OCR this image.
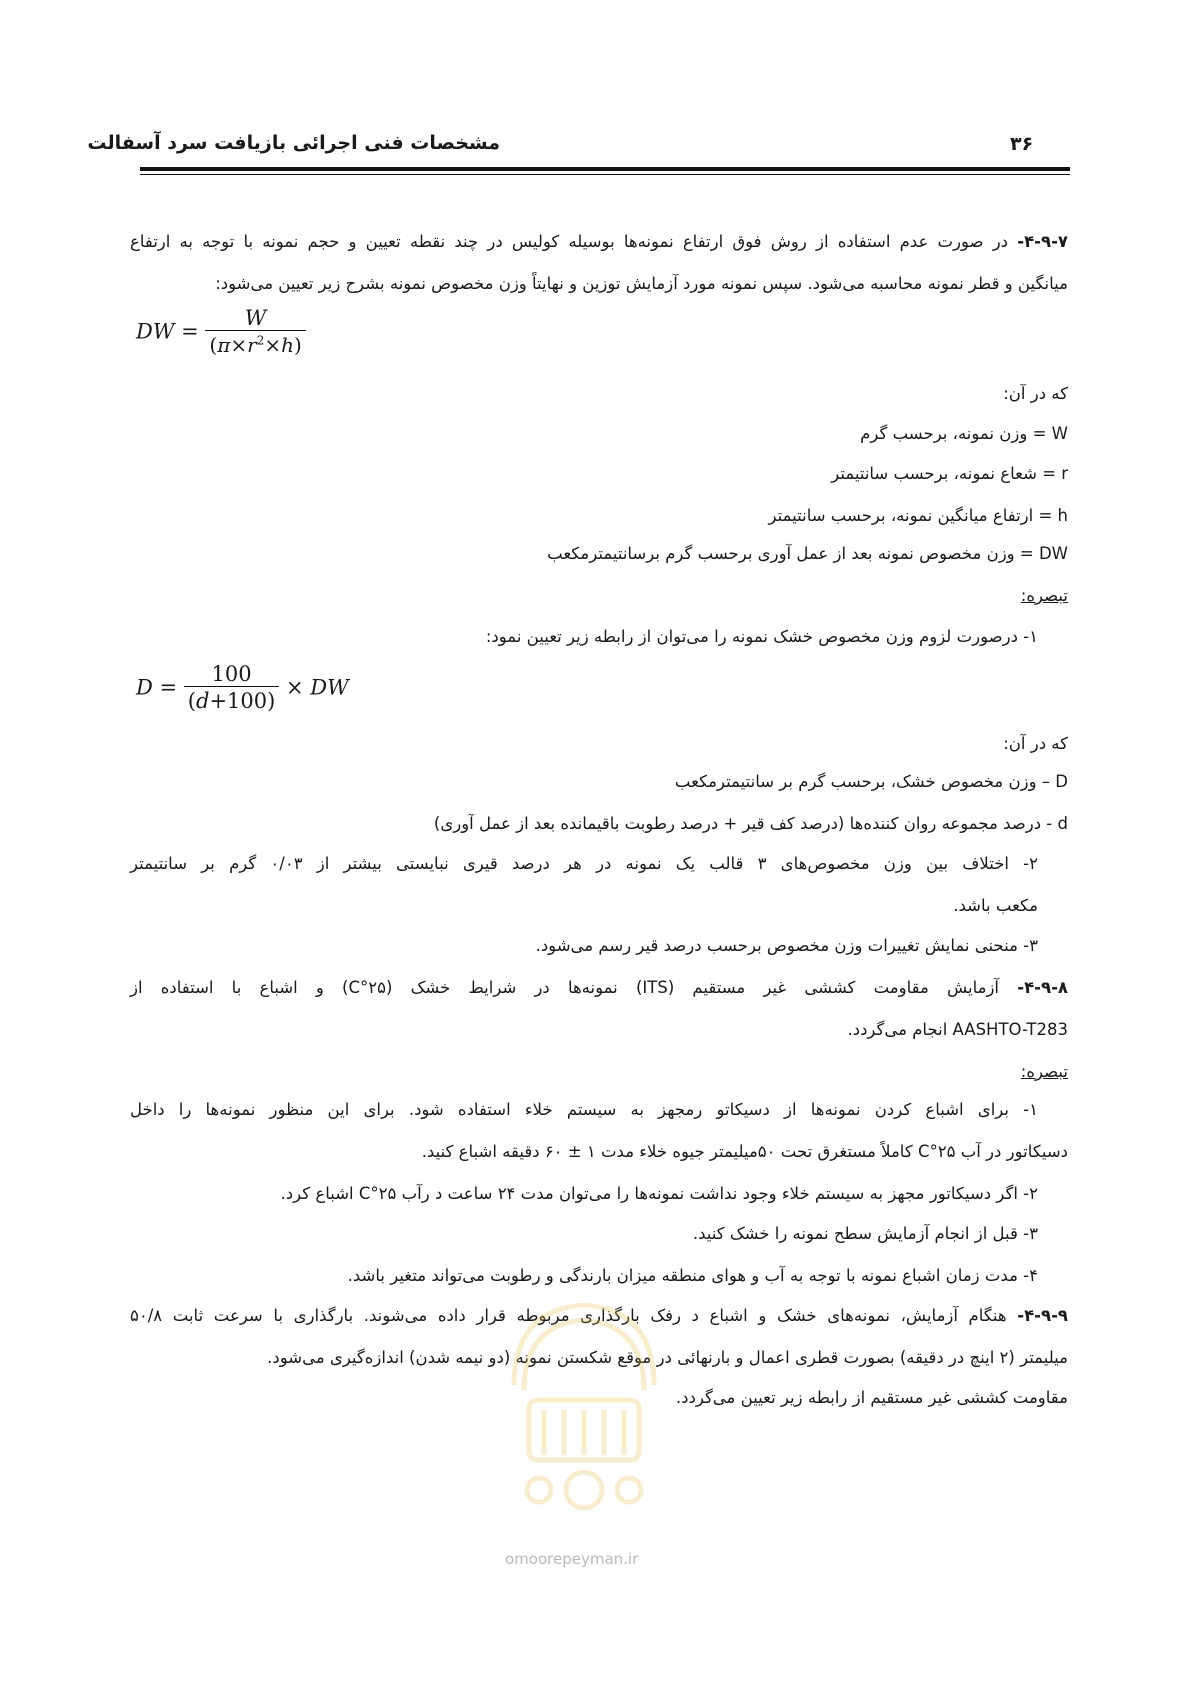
مشخصات فنی اجرائی بازیافت سرد آسفالت	۳۶
۴-۹-۷- در صورت عدم استفاده از روش فوق ارتفاع نمونه‌ها بوسیله کولیس در چند نقطه تعیین و حجم نمونه با توجه به ارتفاع
میانگین و قطر نمونه محاسبه می‌شود. سپس نمونه مورد آزمایش توزین و نهایتاً وزن مخصوص نمونه بشرح زیر تعیین می‌شود:
DW = $\frac{W}{(\pi\times r^2\times h)}$
که در آن:
W = وزن نمونه، برحسب گرم
r = شعاع نمونه، برحسب سانتیمتر
h = ارتفاع میانگین نمونه، برحسب سانتیمتر
DW = وزن مخصوص نمونه بعد از عمل آوری برحسب گرم برسانتیمترمکعب
تبصره:
۱- درصورت لزوم وزن مخصوص خشک نمونه را می‌توان از رابطه زیر تعیین نمود:
$D = \frac{100}{(d+100)}$ × DW
که در آن:
D – وزن مخصوص خشک، برحسب گرم بر سانتیمترمکعب
d - درصد مجموعه روان کننده‌ها (درصد کف قیر + درصد رطوبت باقیمانده بعد از عمل آوری)
۲- اختلاف بین وزن مخصوص‌های ۳ قالب یک نمونه در هر درصد قیری نبایستی بیشتر از ۰/۰۳ گرم بر سانتیمتر
مکعب باشد.
۳- منحنی نمایش تغییرات وزن مخصوص برحسب درصد قیر رسم می‌شود.
۴-۹-۸- آزمایش مقاومت کششی غیر مستقیم (ITS) نمونه‌ها در شرایط خشک (۲۵°C) و اشباع با استفاده از
AASHTO-T283 انجام می‌گردد.
تبصره:
۱- برای اشباع کردن نمونه‌ها از دسیکاتو رمجهز به سیستم خلاء استفاده شود. برای این منظور نمونه‌ها را داخل
دسیکاتور در آب ۲۵°C کاملاً مستغرق تحت ۵۰میلیمتر جیوه خلاء مدت ۱ ± ۶۰ دقیقه اشباع کنید.
۲- اگر دسیکاتور مجهز به سیستم خلاء وجود نداشت نمونه‌ها را می‌توان مدت ۲۴ ساعت د رآب ۲۵°C اشباع کرد.
۳- قبل از انجام آزمایش سطح نمونه را خشک کنید.
۴- مدت زمان اشباع نمونه با توجه به آب و هوای منطقه میزان بارندگی و رطوبت می‌تواند متغیر باشد.
۴-۹-۹- هنگام آزمایش، نمونه‌های خشک و اشباع د رفک بارگذاری مربوطه قرار داده می‌شوند. بارگذاری با سرعت ثابت ۵۰/۸
میلیمتر (۲ اینچ در دقیقه) بصورت قطری اعمال و بارنهائی در موقع شکستن نمونه (دو نیمه شدن) اندازه‌گیری می‌شود.
مقاومت کششی غیر مستقیم از رابطه زیر تعیین می‌گردد.
omoorepeyman.ir
